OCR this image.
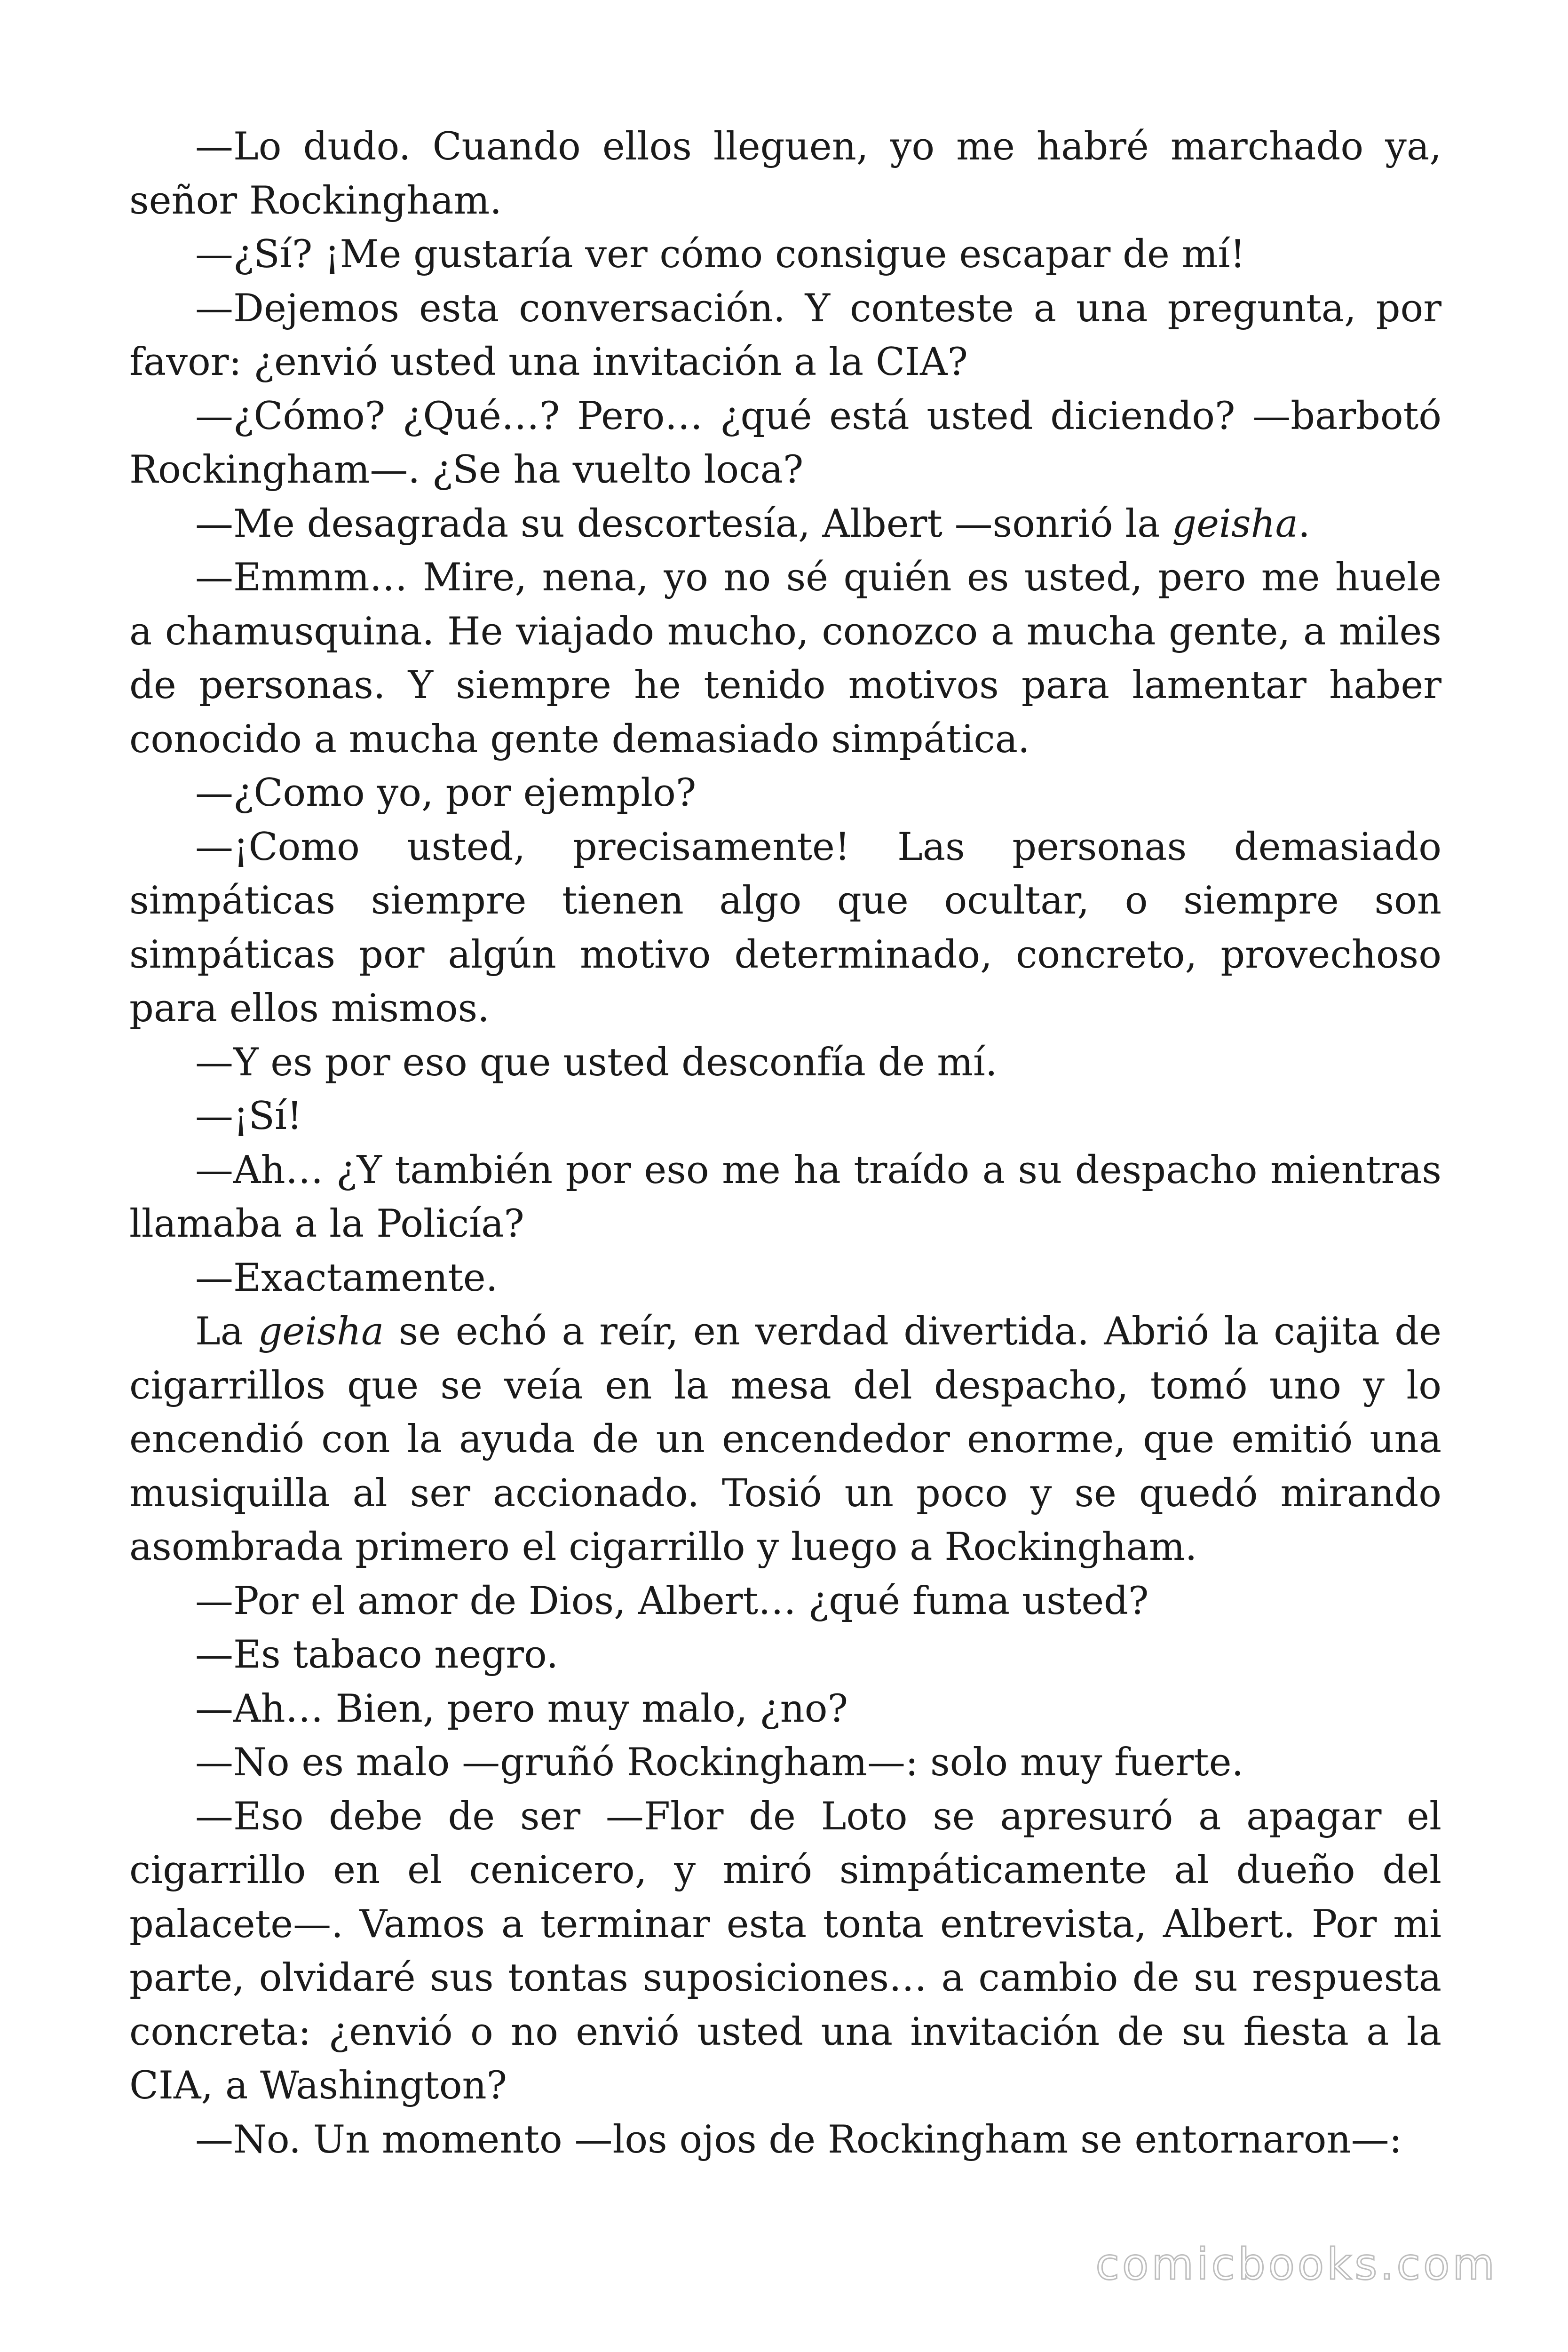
—Lo dudo. Cuando ellos lleguen, yo me habré marchado ya, señor Rockingham.

—¿Sí? ¡Me gustaría ver cómo consigue escapar de mí!

—Dejemos esta conversación. Y conteste a una pregunta, por favor: ¿envió usted una invitación a la CIA?

—¿Cómo? ¿Qué…? Pero… ¿qué está usted diciendo? —barbotó Rockingham—. ¿Se ha vuelto loca?

—Me desagrada su descortesía, Albert —sonrió la geisha.

—Emmm… Mire, nena, yo no sé quién es usted, pero me huele a chamusquina. He viajado mucho, conozco a mucha gente, a miles de personas. Y siempre he tenido motivos para lamentar haber conocido a mucha gente demasiado simpática.

—¿Como yo, por ejemplo?

—¡Como usted, precisamente! Las personas demasiado simpáticas siempre tienen algo que ocultar, o siempre son simpáticas por algún motivo determinado, concreto, provechoso para ellos mismos.

—Y es por eso que usted desconfía de mí.

—¡Sí!

—Ah… ¿Y también por eso me ha traído a su despacho mientras llamaba a la Policía?

—Exactamente.

La geisha se echó a reír, en verdad divertida. Abrió la cajita de cigarrillos que se veía en la mesa del despacho, tomó uno y lo encendió con la ayuda de un encendedor enorme, que emitió una musiquilla al ser accionado. Tosió un poco y se quedó mirando asombrada primero el cigarrillo y luego a Rockingham.

—Por el amor de Dios, Albert… ¿qué fuma usted?

—Es tabaco negro.

—Ah… Bien, pero muy malo, ¿no?

—No es malo —gruñó Rockingham—: solo muy fuerte.

—Eso debe de ser —Flor de Loto se apresuró a apagar el cigarrillo en el cenicero, y miró simpáticamente al dueño del palacete—. Vamos a terminar esta tonta entrevista, Albert. Por mi parte, olvidaré sus tontas suposiciones… a cambio de su respuesta concreta: ¿envió o no envió usted una invitación de su fiesta a la CIA, a Washington?

—No. Un momento —los ojos de Rockingham se entornaron—:

comicbooks.com
